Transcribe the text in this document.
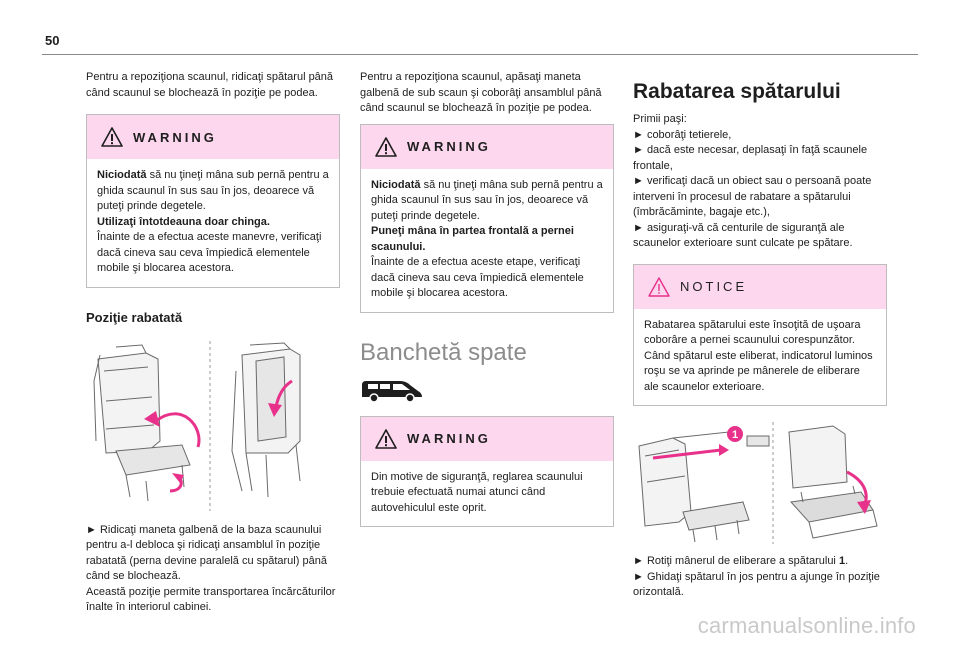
50

Pentru a repoziţiona scaunul, ridicaţi spătarul până când scaunul se blochează în poziţie pe podea.

WARNING
Niciodată să nu ţineţi mâna sub pernă pentru a ghida scaunul în sus sau în jos, deoarece vă puteţi prinde degetele.
Utilizaţi întotdeauna doar chinga.
Înainte de a efectua aceste manevre, verificaţi dacă cineva sau ceva împiedică elementele mobile şi blocarea acestora.
Poziţie rabatată

► Ridicaţi maneta galbenă de la baza scaunului pentru a-l debloca şi ridicaţi ansamblul în poziţie rabatată (perna devine paralelă cu spătarul) până când se blochează.

Această poziţie permite transportarea încărcăturilor înalte în interiorul cabinei.

Pentru a repoziţiona scaunul, apăsaţi maneta galbenă de sub scaun şi coborâţi ansamblul până când scaunul se blochează în poziţie pe podea.

WARNING
Niciodată să nu ţineţi mâna sub pernă pentru a ghida scaunul în sus sau în jos, deoarece vă puteţi prinde degetele.
Puneţi mâna în partea frontală a pernei scaunului.
Înainte de a efectua aceste etape, verificaţi dacă cineva sau ceva împiedică elementele mobile şi blocarea acestora.
Banchetă spate
WARNING
Din motive de siguranţă, reglarea scaunului trebuie efectuată numai atunci când autovehiculul este oprit.
Rabatarea spătarului

Primii paşi:

► coborâţi tetierele,

► dacă este necesar, deplasaţi în faţă scaunele frontale,

► verificaţi dacă un obiect sau o persoană poate interveni în procesul de rabatare a spătarului (îmbrăcăminte, bagaje etc.),

► asiguraţi-vă că centurile de siguranţă ale scaunelor exterioare sunt culcate pe spătare.

NOTICE
Rabatarea spătarului este însoţită de uşoara coborâre a pernei scaunului corespunzător. Când spătarul este eliberat, indicatorul luminos roşu se va aprinde pe mânerele de eliberare ale scaunelor exterioare.
1

► Rotiţi mânerul de eliberare a spătarului 1.

► Ghidaţi spătarul în jos pentru a ajunge în poziţie orizontală.

carmanualsonline.info
